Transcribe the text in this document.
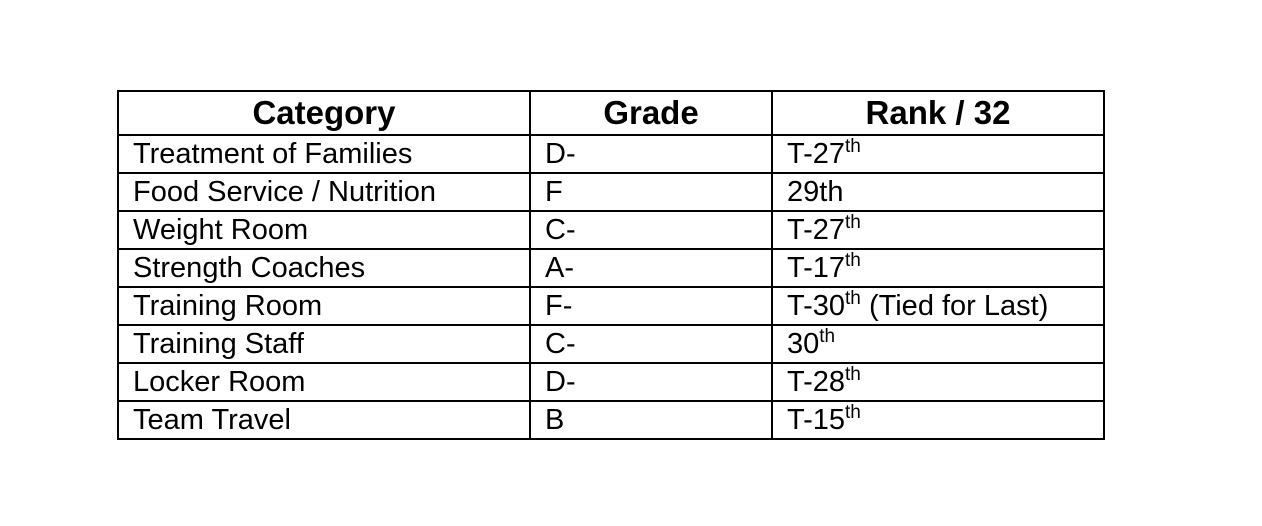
Category	Grade	Rank / 32
Treatment of Families	D-	T-27th
Food Service / Nutrition	F	29th
Weight Room	C-	T-27th
Strength Coaches	A-	T-17th
Training Room	F-	T-30th (Tied for Last)
Training Staff	C-	30th
Locker Room	D-	T-28th
Team Travel	B	T-15th
